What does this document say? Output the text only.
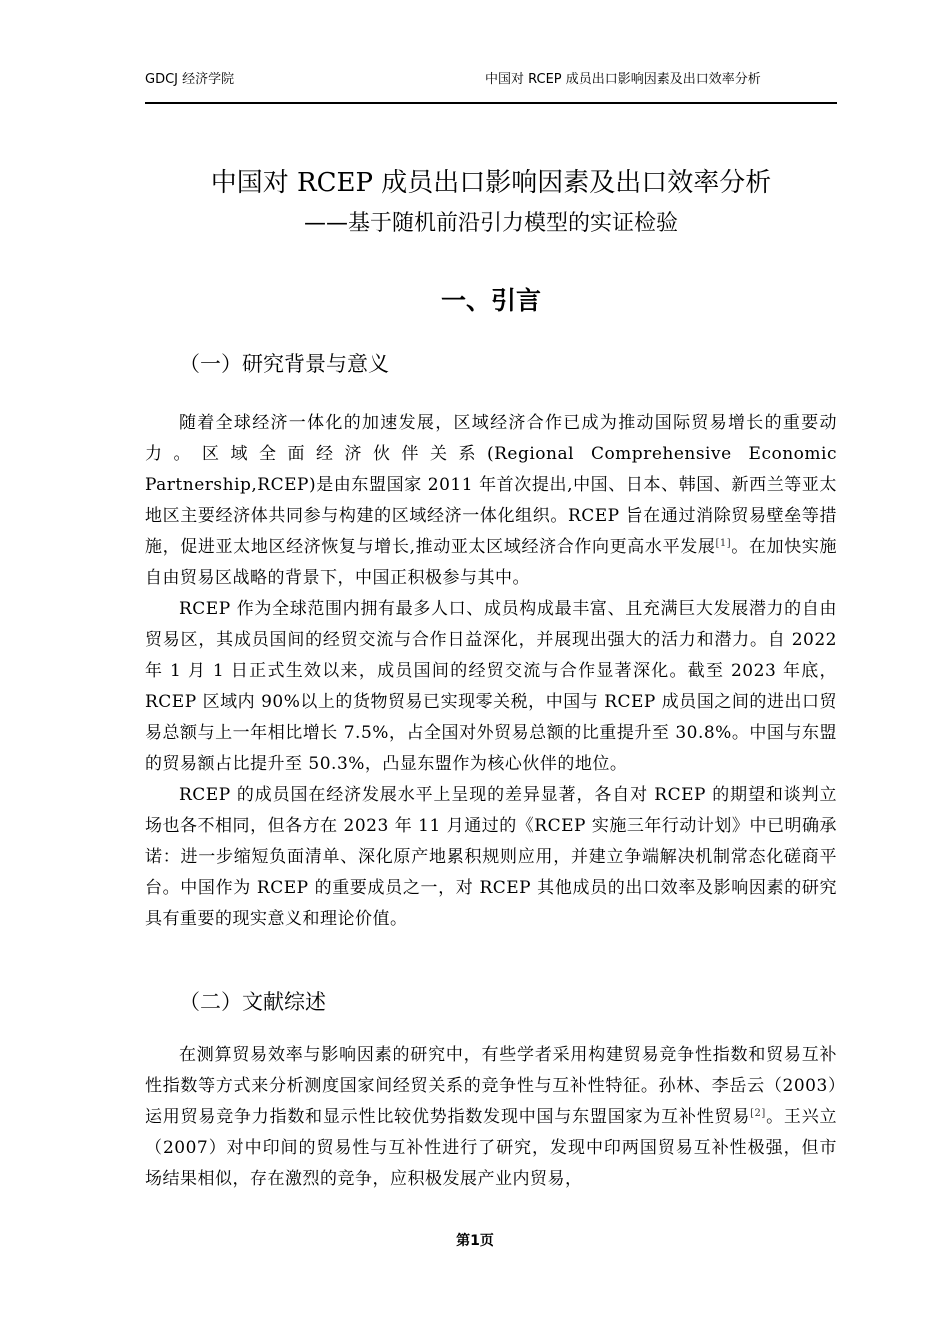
GDCJ 经济学院	中国对 RCEP 成员出口影响因素及出口效率分析
中国对 RCEP 成员出口影响因素及出口效率分析
——基于随机前沿引力模型的实证检验
一、引言
（一）研究背景与意义

随着全球经济一体化的加速发展，区域经济合作已成为推动国际贸易增长的重要动力。区域全面经济伙伴关系(Regional Comprehensive Economic Partnership,RCEP)是由东盟国家 2011 年首次提出,中国、日本、韩国、新西兰等亚太地区主要经济体共同参与构建的区域经济一体化组织。RCEP 旨在通过消除贸易壁垒等措施，促进亚太地区经济恢复与增长,推动亚太区域经济合作向更高水平发展[1]。在加快实施自由贸易区战略的背景下，中国正积极参与其中。

RCEP 作为全球范围内拥有最多人口、成员构成最丰富、且充满巨大发展潜力的自由贸易区，其成员国间的经贸交流与合作日益深化，并展现出强大的活力和潜力。自 2022 年 1 月 1 日正式生效以来，成员国间的经贸交流与合作显著深化。截至 2023 年底，RCEP 区域内 90%以上的货物贸易已实现零关税，中国与 RCEP 成员国之间的进出口贸易总额与上一年相比增长 7.5%，占全国对外贸易总额的比重提升至 30.8%。中国与东盟的贸易额占比提升至 50.3%，凸显东盟作为核心伙伴的地位。

RCEP 的成员国在经济发展水平上呈现的差异显著，各自对 RCEP 的期望和谈判立场也各不相同，但各方在 2023 年 11 月通过的《RCEP 实施三年行动计划》中已明确承诺：进一步缩短负面清单、深化原产地累积规则应用，并建立争端解决机制常态化磋商平台。中国作为 RCEP 的重要成员之一，对 RCEP 其他成员的出口效率及影响因素的研究具有重要的现实意义和理论价值。

（二）文献综述

在测算贸易效率与影响因素的研究中，有些学者采用构建贸易竞争性指数和贸易互补性指数等方式来分析测度国家间经贸关系的竞争性与互补性特征。孙林、李岳云（2003）运用贸易竞争力指数和显示性比较优势指数发现中国与东盟国家为互补性贸易[2]。王兴立（2007）对中印间的贸易性与互补性进行了研究，发现中印两国贸易互补性极强，但市场结果相似，存在激烈的竞争，应积极发展产业内贸易，

第1页
